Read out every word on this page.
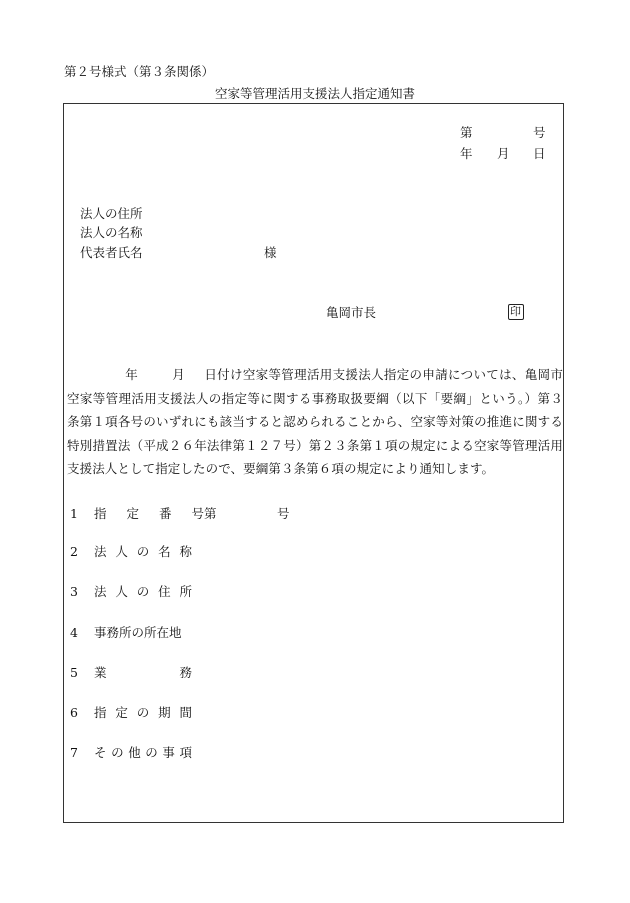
第２号様式（第３条関係）
空家等管理活用支援法人指定通知書
第	号
年 月 日
法人の住所
法人の名称
代表者氏名	様
亀岡市長	印
年	月 日付け空家等管理活用支援法人指定の申請については、亀岡市空家等管理活用支援法人の指定等に関する事務取扱要綱（以下「要綱」という。）第３条第１項各号のいずれにも該当すると認められることから、空家等対策の推進に関する特別措置法（平成２６年法律第１２７号）第２３条第１項の規定による空家等管理活用支援法人として指定したので、要綱第３条第６項の規定により通知します。
1 指 定 番 号 第	号
2 法 人 の 名 称
3 法 人 の 住 所
4 事務所の所在地
5 業	務
6 指 定 の 期 間
7 そ の 他 の 事 項
